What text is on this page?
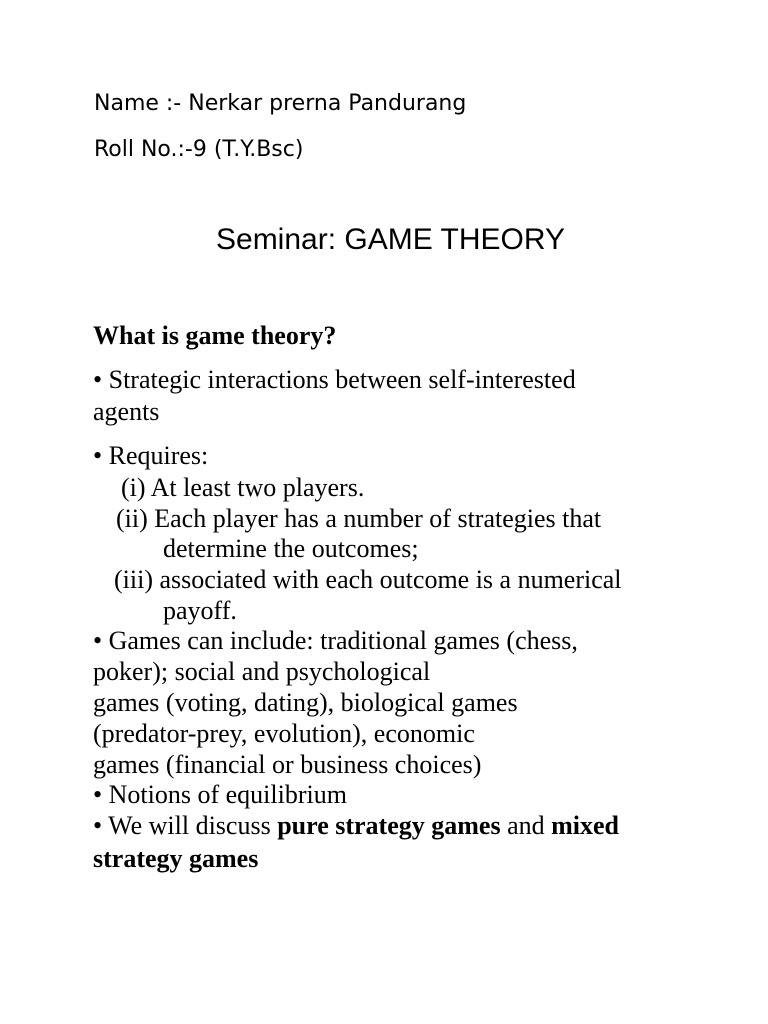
Name :- Nerkar prerna Pandurang
Roll No.:-9 (T.Y.Bsc)
Seminar: GAME THEORY
What is game theory?
• Strategic interactions between self-interested
agents
• Requires:
(i) At least two players.
(ii) Each player has a number of strategies that
determine the outcomes;
(iii) associated with each outcome is a numerical
payoff.
• Games can include: traditional games (chess,
poker); social and psychological
games (voting, dating), biological games
(predator-prey, evolution), economic
games (financial or business choices)
• Notions of equilibrium
• We will discuss pure strategy games and mixed
strategy games
